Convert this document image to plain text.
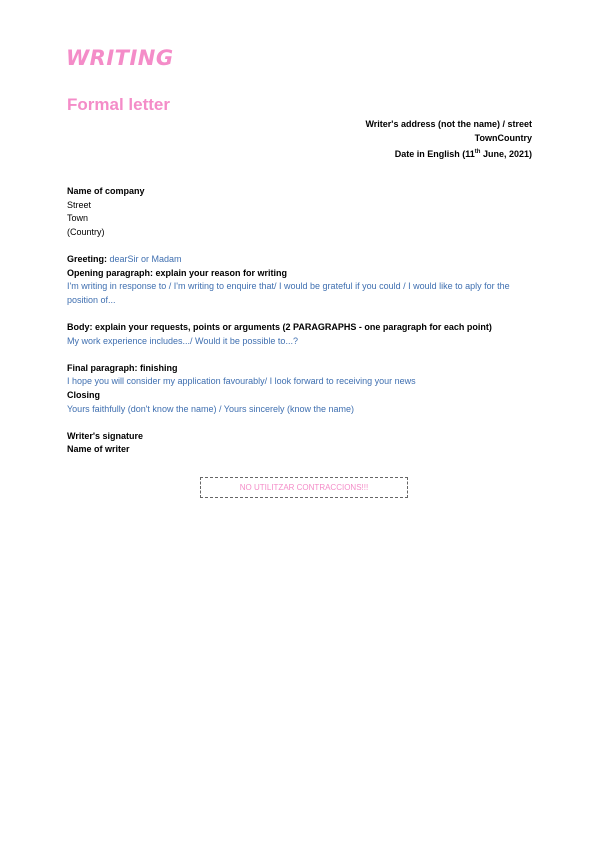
WRITING
Formal letter
Writer's address (not the name) / street
TownCountry
Date in English (11th June, 2021)
Name of company
Street
Town
(Country)
Greeting: dearSir or Madam
Opening paragraph: explain your reason for writing
I'm writing in response to / I'm writing to enquire that/ I would be grateful if you could / I would like to aply for the position of...
Body: explain your requests, points or arguments (2 PARAGRAPHS - one paragraph for each point)
My work experience includes.../ Would it be possible to...?
Final paragraph: finishing
I hope you will consider my application favourably/ I look forward to receiving your news
Closing
Yours faithfully (don't know the name) / Yours sincerely (know the name)
Writer's signature
Name of writer
NO UTILITZAR CONTRACCIONS!!!
